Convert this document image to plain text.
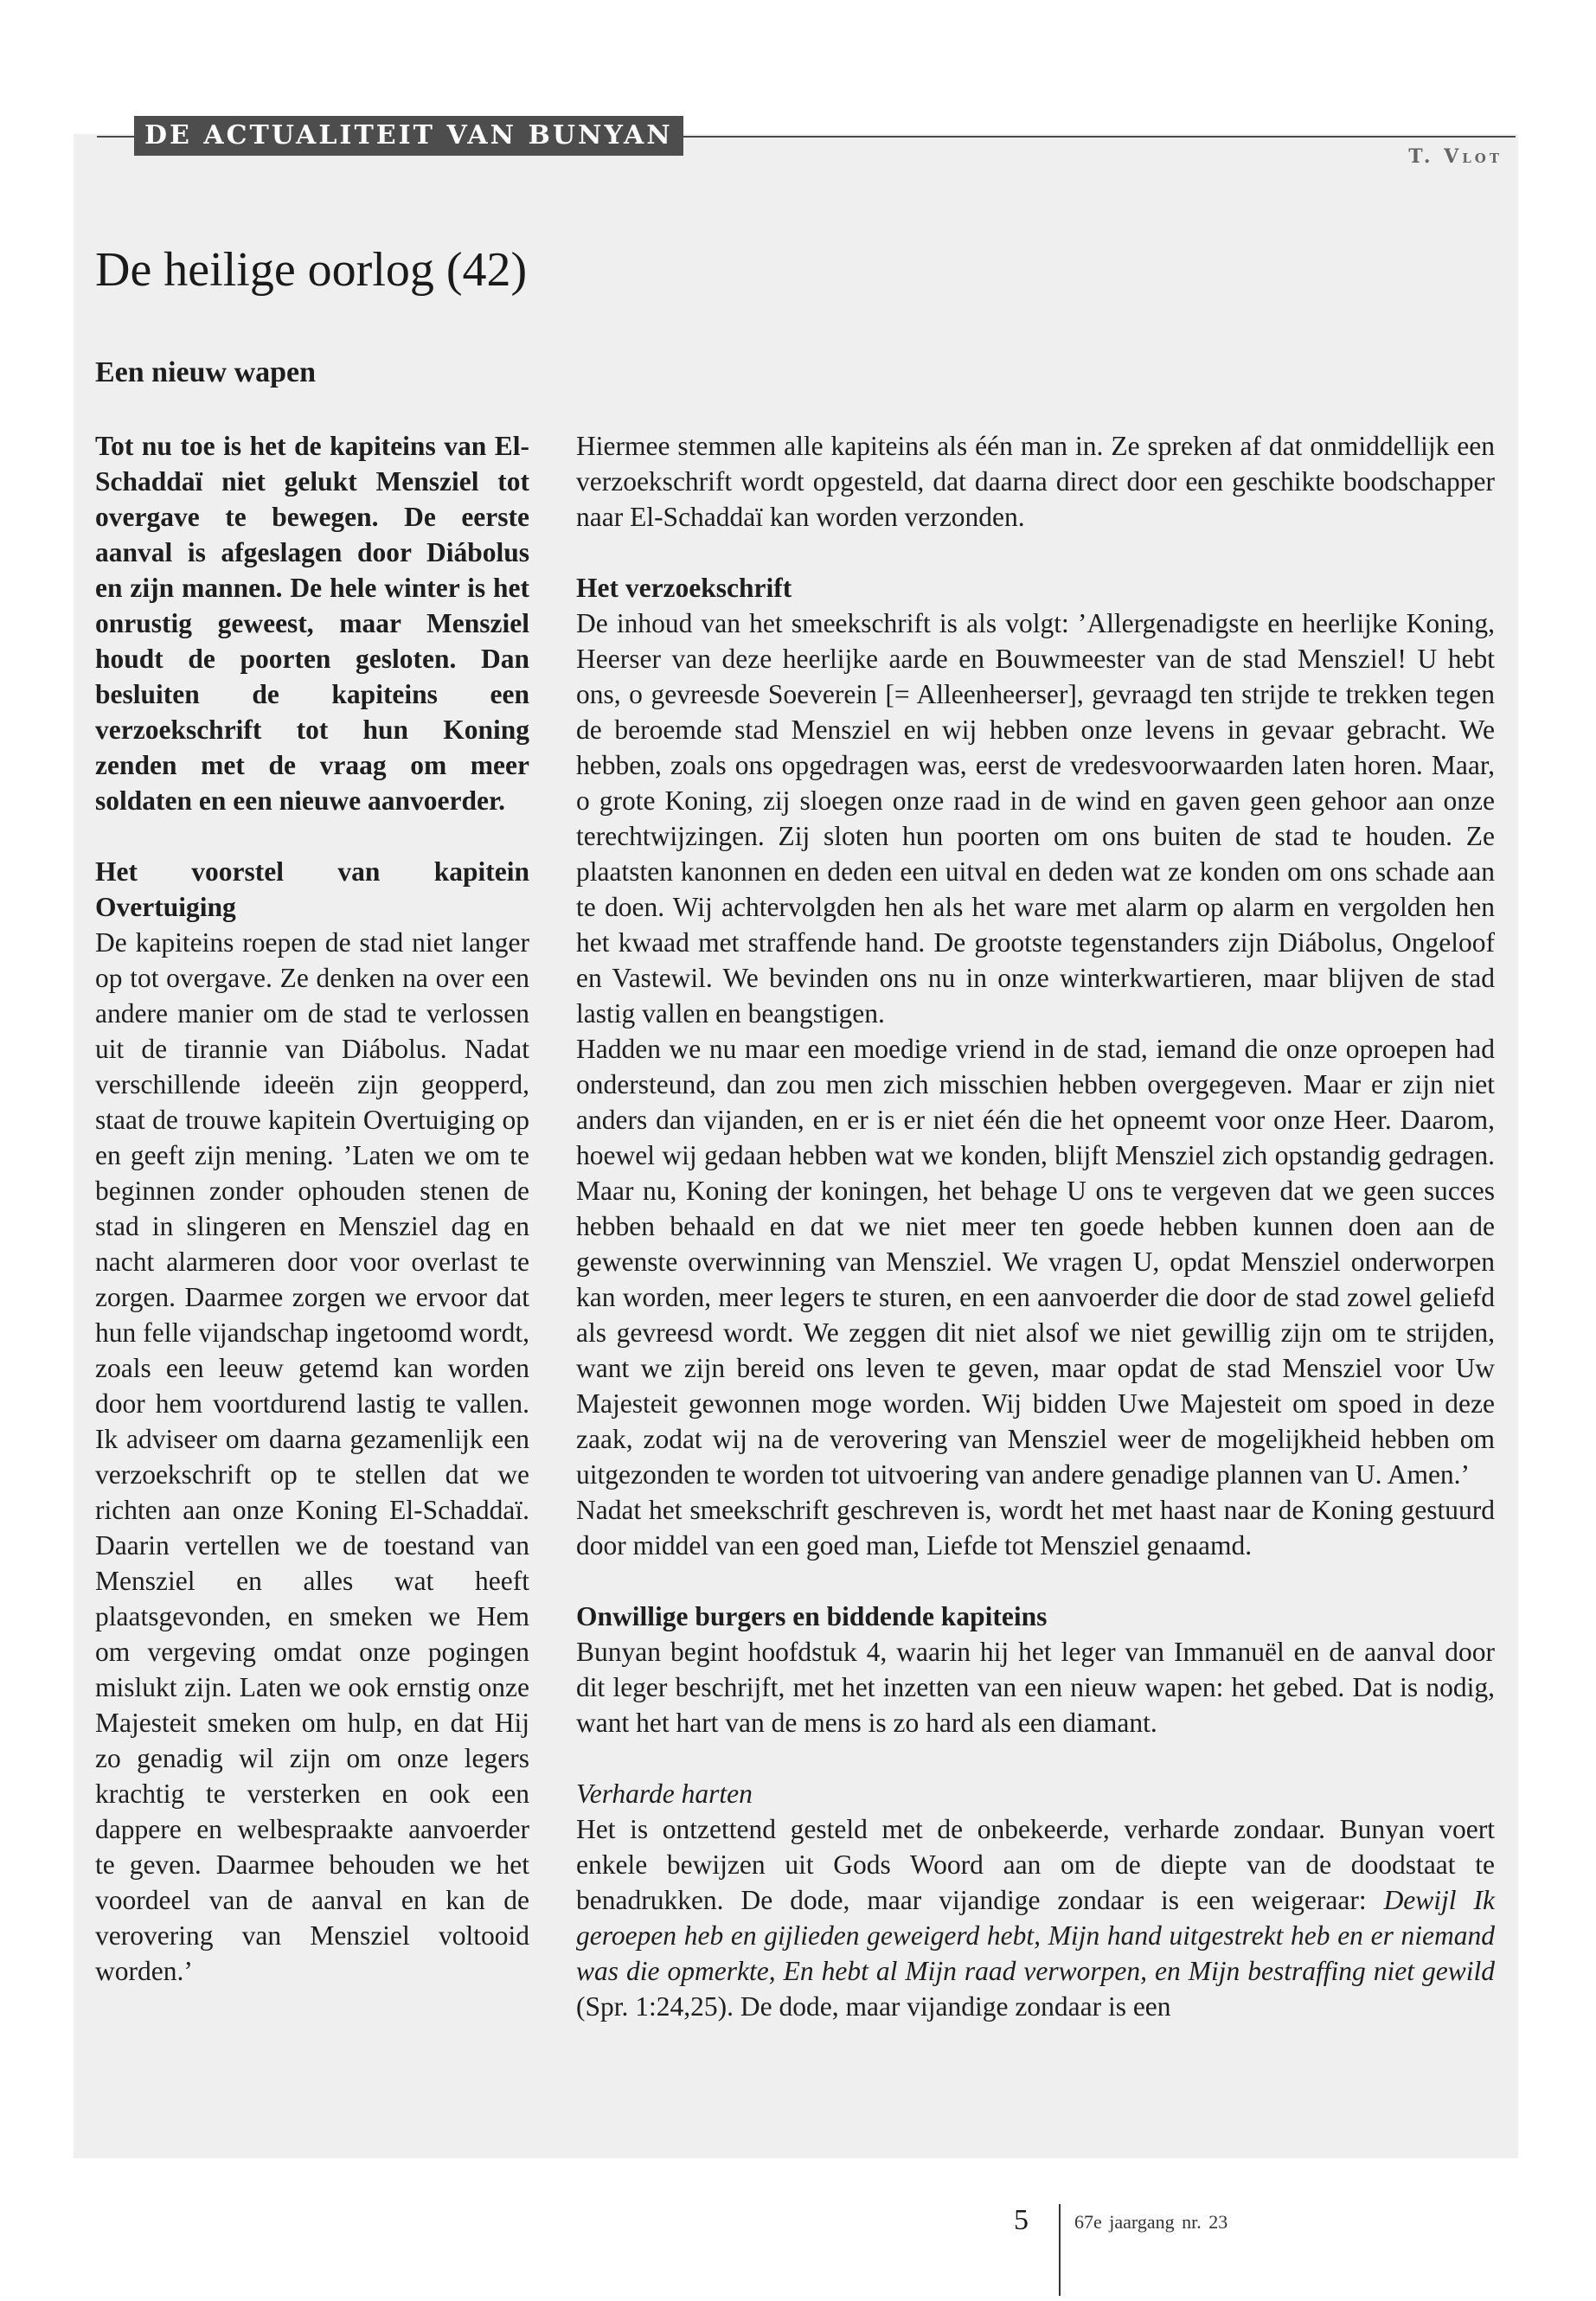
DE ACTUALITEIT VAN BUNYAN
T. Vlot
De heilige oorlog (42)
Een nieuw wapen

Tot nu toe is het de kapiteins van El-Schaddaï niet gelukt Mensziel tot overgave te bewegen. De eerste aanval is afgeslagen door Diábolus en zijn mannen. De hele winter is het onrustig geweest, maar Mensziel houdt de poorten gesloten. Dan besluiten de kapiteins een verzoekschrift tot hun Koning zenden met de vraag om meer soldaten en een nieuwe aanvoerder.

Het voorstel van kapitein Overtuiging

De kapiteins roepen de stad niet langer op tot overgave. Ze denken na over een andere manier om de stad te verlossen uit de tirannie van Diábolus. Nadat verschillende ideeën zijn geopperd, staat de trouwe kapitein Overtuiging op en geeft zijn mening. ’Laten we om te beginnen zonder ophouden stenen de stad in slingeren en Mensziel dag en nacht alarmeren door voor overlast te zorgen. Daarmee zorgen we ervoor dat hun felle vijandschap ingetoomd wordt, zoals een leeuw getemd kan worden door hem voortdurend lastig te vallen. Ik adviseer om daarna gezamenlijk een verzoekschrift op te stellen dat we richten aan onze Koning El-Schaddaï. Daarin vertellen we de toestand van Mensziel en alles wat heeft plaatsgevonden, en smeken we Hem om vergeving omdat onze pogingen mislukt zijn. Laten we ook ernstig onze Majesteit smeken om hulp, en dat Hij zo genadig wil zijn om onze legers krachtig te versterken en ook een dappere en welbespraakte aanvoerder te geven. Daarmee behouden we het voordeel van de aanval en kan de verovering van Mensziel voltooid worden.’

Hiermee stemmen alle kapiteins als één man in. Ze spreken af dat onmiddellijk een verzoekschrift wordt opgesteld, dat daarna direct door een geschikte boodschapper naar El-Schaddaï kan worden verzonden.

Het verzoekschrift

De inhoud van het smeekschrift is als volgt: ’Allergenadigste en heerlijke Koning, Heerser van deze heerlijke aarde en Bouwmeester van de stad Mensziel! U hebt ons, o gevreesde Soeverein [= Alleenheerser], gevraagd ten strijde te trekken tegen de beroemde stad Mensziel en wij hebben onze levens in gevaar gebracht. We hebben, zoals ons opgedragen was, eerst de vredesvoorwaarden laten horen. Maar, o grote Koning, zij sloegen onze raad in de wind en gaven geen gehoor aan onze terechtwijzingen. Zij sloten hun poorten om ons buiten de stad te houden. Ze plaatsten kanonnen en deden een uitval en deden wat ze konden om ons schade aan te doen. Wij achtervolgden hen als het ware met alarm op alarm en vergolden hen het kwaad met straffende hand. De grootste tegenstanders zijn Diábolus, Ongeloof en Vastewil. We bevinden ons nu in onze winterkwartieren, maar blijven de stad lastig vallen en beangstigen.

Hadden we nu maar een moedige vriend in de stad, iemand die onze oproepen had ondersteund, dan zou men zich misschien hebben overgegeven. Maar er zijn niet anders dan vijanden, en er is er niet één die het opneemt voor onze Heer. Daarom, hoewel wij gedaan hebben wat we konden, blijft Mensziel zich opstandig gedragen. Maar nu, Koning der koningen, het behage U ons te vergeven dat we geen succes hebben behaald en dat we niet meer ten goede hebben kunnen doen aan de gewenste overwinning van Mensziel. We vragen U, opdat Mensziel onderworpen kan worden, meer legers te sturen, en een aanvoerder die door de stad zowel geliefd als gevreesd wordt. We zeggen dit niet alsof we niet gewillig zijn om te strijden, want we zijn bereid ons leven te geven, maar opdat de stad Mensziel voor Uw Majesteit gewonnen moge worden. Wij bidden Uwe Majesteit om spoed in deze zaak, zodat wij na de verovering van Mensziel weer de mogelijkheid hebben om uitgezonden te worden tot uitvoering van andere genadige plannen van U. Amen.’

Nadat het smeekschrift geschreven is, wordt het met haast naar de Koning gestuurd door middel van een goed man, Liefde tot Mensziel genaamd.

Onwillige burgers en biddende kapiteins

Bunyan begint hoofdstuk 4, waarin hij het leger van Immanuël en de aanval door dit leger beschrijft, met het inzetten van een nieuw wapen: het gebed. Dat is nodig, want het hart van de mens is zo hard als een diamant.

Verharde harten

Het is ontzettend gesteld met de onbekeerde, verharde zondaar. Bunyan voert enkele bewijzen uit Gods Woord aan om de diepte van de doodstaat te benadrukken. De dode, maar vijandige zondaar is een weigeraar: Dewijl Ik geroepen heb en gijlieden geweigerd hebt, Mijn hand uitgestrekt heb en er niemand was die opmerkte, En hebt al Mijn raad verworpen, en Mijn bestraffing niet gewild (Spr. 1:24,25). De dode, maar vijandige zondaar is een

5 67e jaargang nr. 23
